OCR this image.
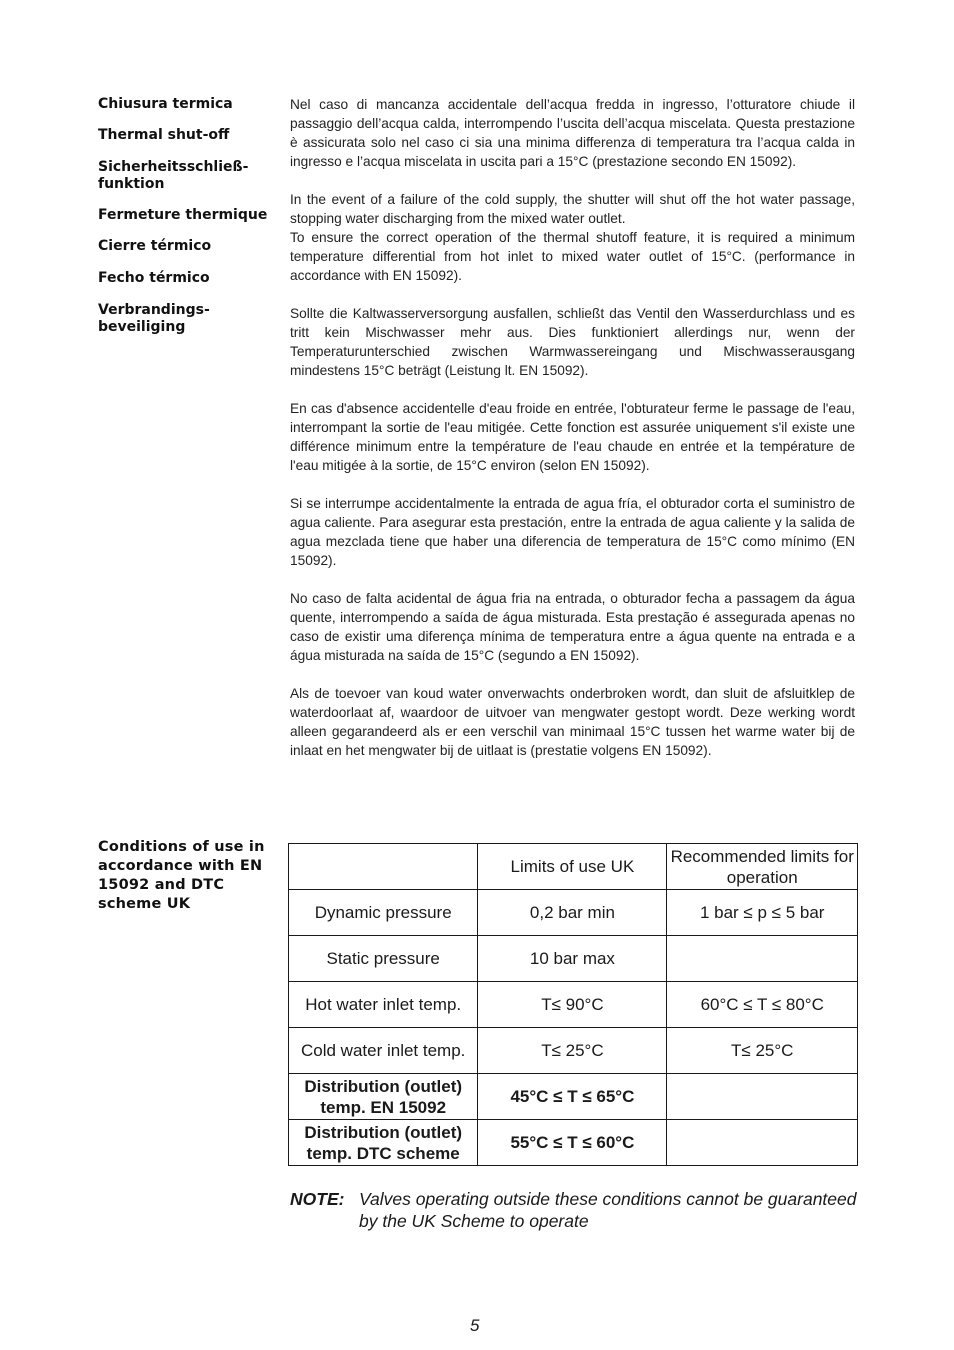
Chiusura termica
Thermal shut-off
Sicherheitsschließ-
funktion
Fermeture thermique
Cierre térmico
Fecho térmico
Verbrandings-
beveiliging

Nel caso di mancanza accidentale dell’acqua fredda in ingresso, l’otturatore chiude il passaggio dell’acqua calda, interrompendo l’uscita dell’acqua miscelata. Questa prestazione è assicurata solo nel caso ci sia una minima differenza di temperatura tra l’acqua calda in ingresso e l’acqua miscelata in uscita pari a 15°C (prestazione secondo EN 15092).

In the event of a failure of the cold supply, the shutter will shut off the hot water passage, stopping water discharging from the mixed water outlet.

To ensure the correct operation of the thermal shutoff feature, it is required a minimum temperature differential from hot inlet to mixed water outlet of 15°C. (performance in accordance with EN 15092).

Sollte die Kaltwasserversorgung ausfallen, schließt das Ventil den Wasserdurchlass und es tritt kein Mischwasser mehr aus. Dies funktioniert allerdings nur, wenn der Temperaturunterschied zwischen Warmwassereingang und Mischwasserausgang mindestens 15°C beträgt (Leistung lt. EN 15092).

En cas d'absence accidentelle d'eau froide en entrée, l'obturateur ferme le passage de l'eau, interrompant la sortie de l'eau mitigée. Cette fonction est assurée uniquement s'il existe une différence minimum entre la température de l'eau chaude en entrée et la température de l'eau mitigée à la sortie, de 15°C environ (selon EN 15092).

Si se interrumpe accidentalmente la entrada de agua fría, el obturador corta el suministro de agua caliente. Para asegurar esta prestación, entre la entrada de agua caliente y la salida de agua mezclada tiene que haber una diferencia de temperatura de 15°C como mínimo (EN 15092).

No caso de falta acidental de água fria na entrada, o obturador fecha a passagem da água quente, interrompendo a saída de água misturada. Esta prestação é assegurada apenas no caso de existir uma diferença mínima de temperatura entre a água quente na entrada e a água misturada na saída de 15°C (segundo a EN 15092).

Als de toevoer van koud water onverwachts onderbroken wordt, dan sluit de afsluitklep de waterdoorlaat af, waardoor de uitvoer van mengwater gestopt wordt. Deze werking wordt alleen gegarandeerd als er een verschil van minimaal 15°C tussen het warme water bij de inlaat en het mengwater bij de uitlaat is (prestatie volgens EN 15092).

Conditions of use in accordance with EN 15092 and DTC scheme UK
	Limits of use UK	Recommended limits for operation
Dynamic pressure	0,2 bar min	1 bar ≤ p ≤ 5 bar
Static pressure	10 bar max	
Hot water inlet temp.	T≤ 90°C	60°C ≤ T ≤ 80°C
Cold water inlet temp.	T≤ 25°C	T≤ 25°C
Distribution (outlet) temp. EN 15092	45°C ≤ T ≤ 65°C	
Distribution (outlet) temp. DTC scheme	55°C ≤ T ≤ 60°C	
NOTE: Valves operating outside these conditions cannot be guaranteed by the UK Scheme to operate
5
